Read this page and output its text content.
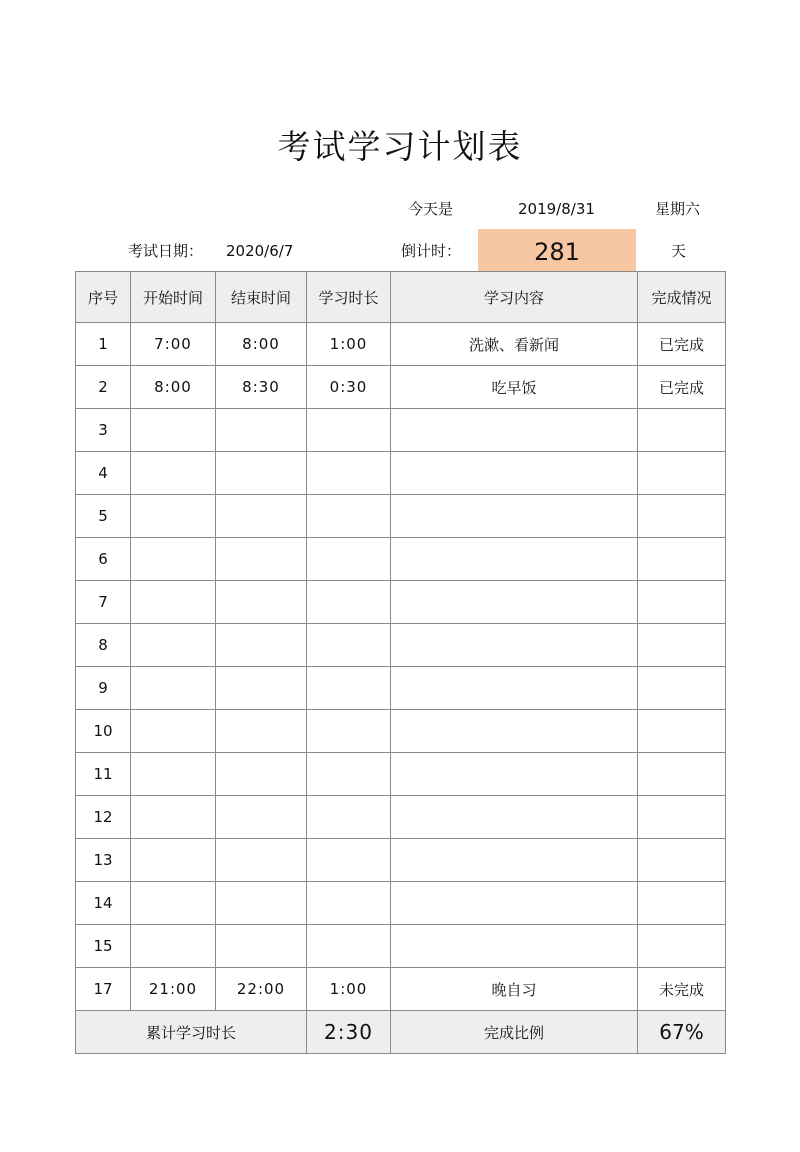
考试学习计划表
今天是	2019/8/31	星期六
考试日期： 2020/6/7	倒计时：	281	天
序号	开始时间	结束时间	学习时长	学习内容	完成情况
1	7:00	8:00	1:00	洗漱、看新闻	已完成
2	8:00	8:30	0:30	吃早饭	已完成
3					
4					
5					
6					
7					
8					
9					
10					
11					
12					
13					
14					
15					
17	21:00	22:00	1:00	晚自习	未完成
累计学习时长			2:30	完成比例	67%
